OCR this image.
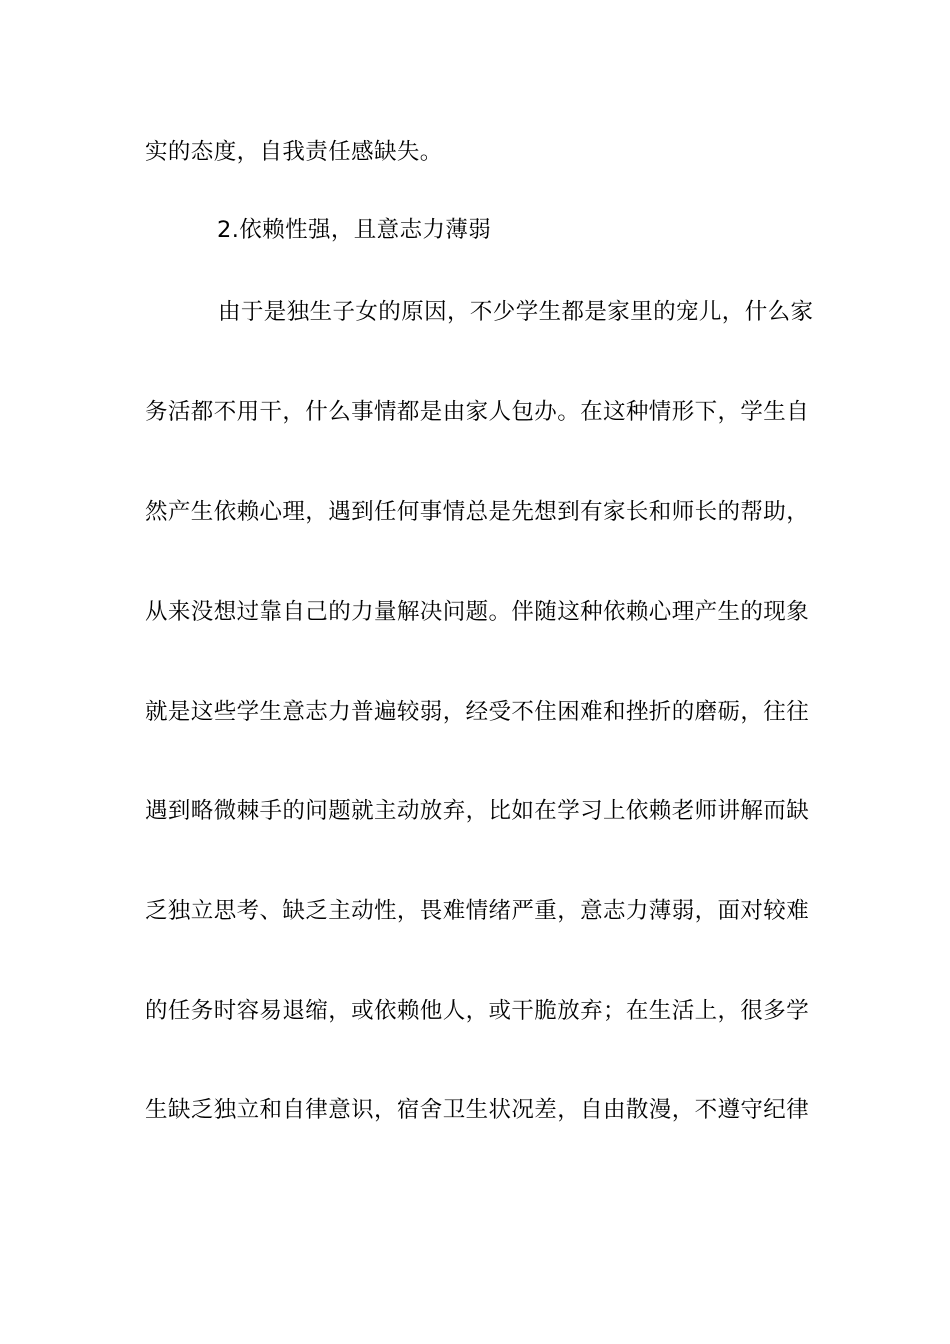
实的态度，自我责任感缺失。
2.依赖性强，且意志力薄弱
由于是独生子女的原因，不少学生都是家里的宠儿，什么家
务活都不用干，什么事情都是由家人包办。在这种情形下，学生自
然产生依赖心理，遇到任何事情总是先想到有家长和师长的帮助，
从来没想过靠自己的力量解决问题。伴随这种依赖心理产生的现象
就是这些学生意志力普遍较弱，经受不住困难和挫折的磨砺，往往
遇到略微棘手的问题就主动放弃，比如在学习上依赖老师讲解而缺
乏独立思考、缺乏主动性，畏难情绪严重，意志力薄弱，面对较难
的任务时容易退缩，或依赖他人，或干脆放弃；在生活上，很多学
生缺乏独立和自律意识，宿舍卫生状况差，自由散漫，不遵守纪律
